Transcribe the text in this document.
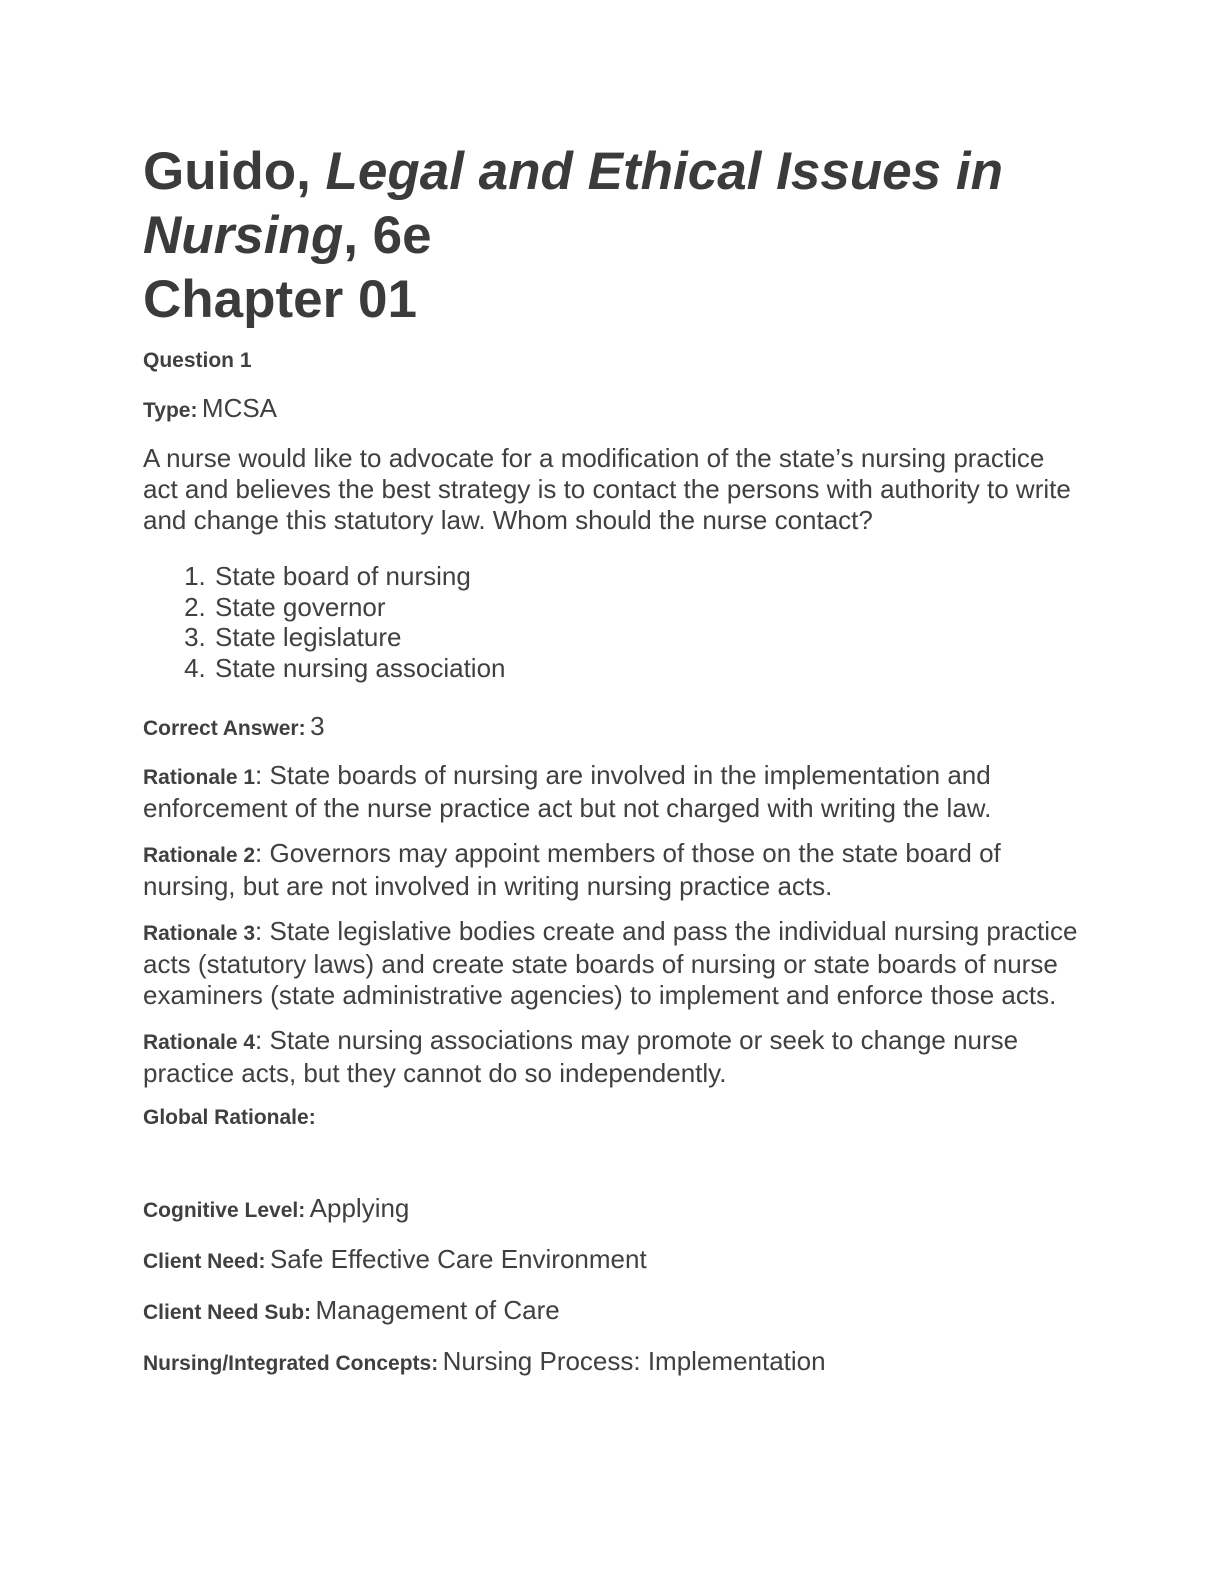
Guido, Legal and Ethical Issues in Nursing, 6e
Chapter 01

Question 1

Type: MCSA

A nurse would like to advocate for a modification of the state’s nursing practice act and believes the best strategy is to contact the persons with authority to write and change this statutory law. Whom should the nurse contact?

1. State board of nursing
2. State governor
3. State legislature
4. State nursing association

Correct Answer: 3

Rationale 1: State boards of nursing are involved in the implementation and enforcement of the nurse practice act but not charged with writing the law.

Rationale 2: Governors may appoint members of those on the state board of nursing, but are not involved in writing nursing practice acts.

Rationale 3: State legislative bodies create and pass the individual nursing practice acts (statutory laws) and create state boards of nursing or state boards of nurse examiners (state administrative agencies) to implement and enforce those acts.

Rationale 4: State nursing associations may promote or seek to change nurse practice acts, but they cannot do so independently.

Global Rationale:

Cognitive Level: Applying

Client Need: Safe Effective Care Environment

Client Need Sub: Management of Care

Nursing/Integrated Concepts: Nursing Process: Implementation
